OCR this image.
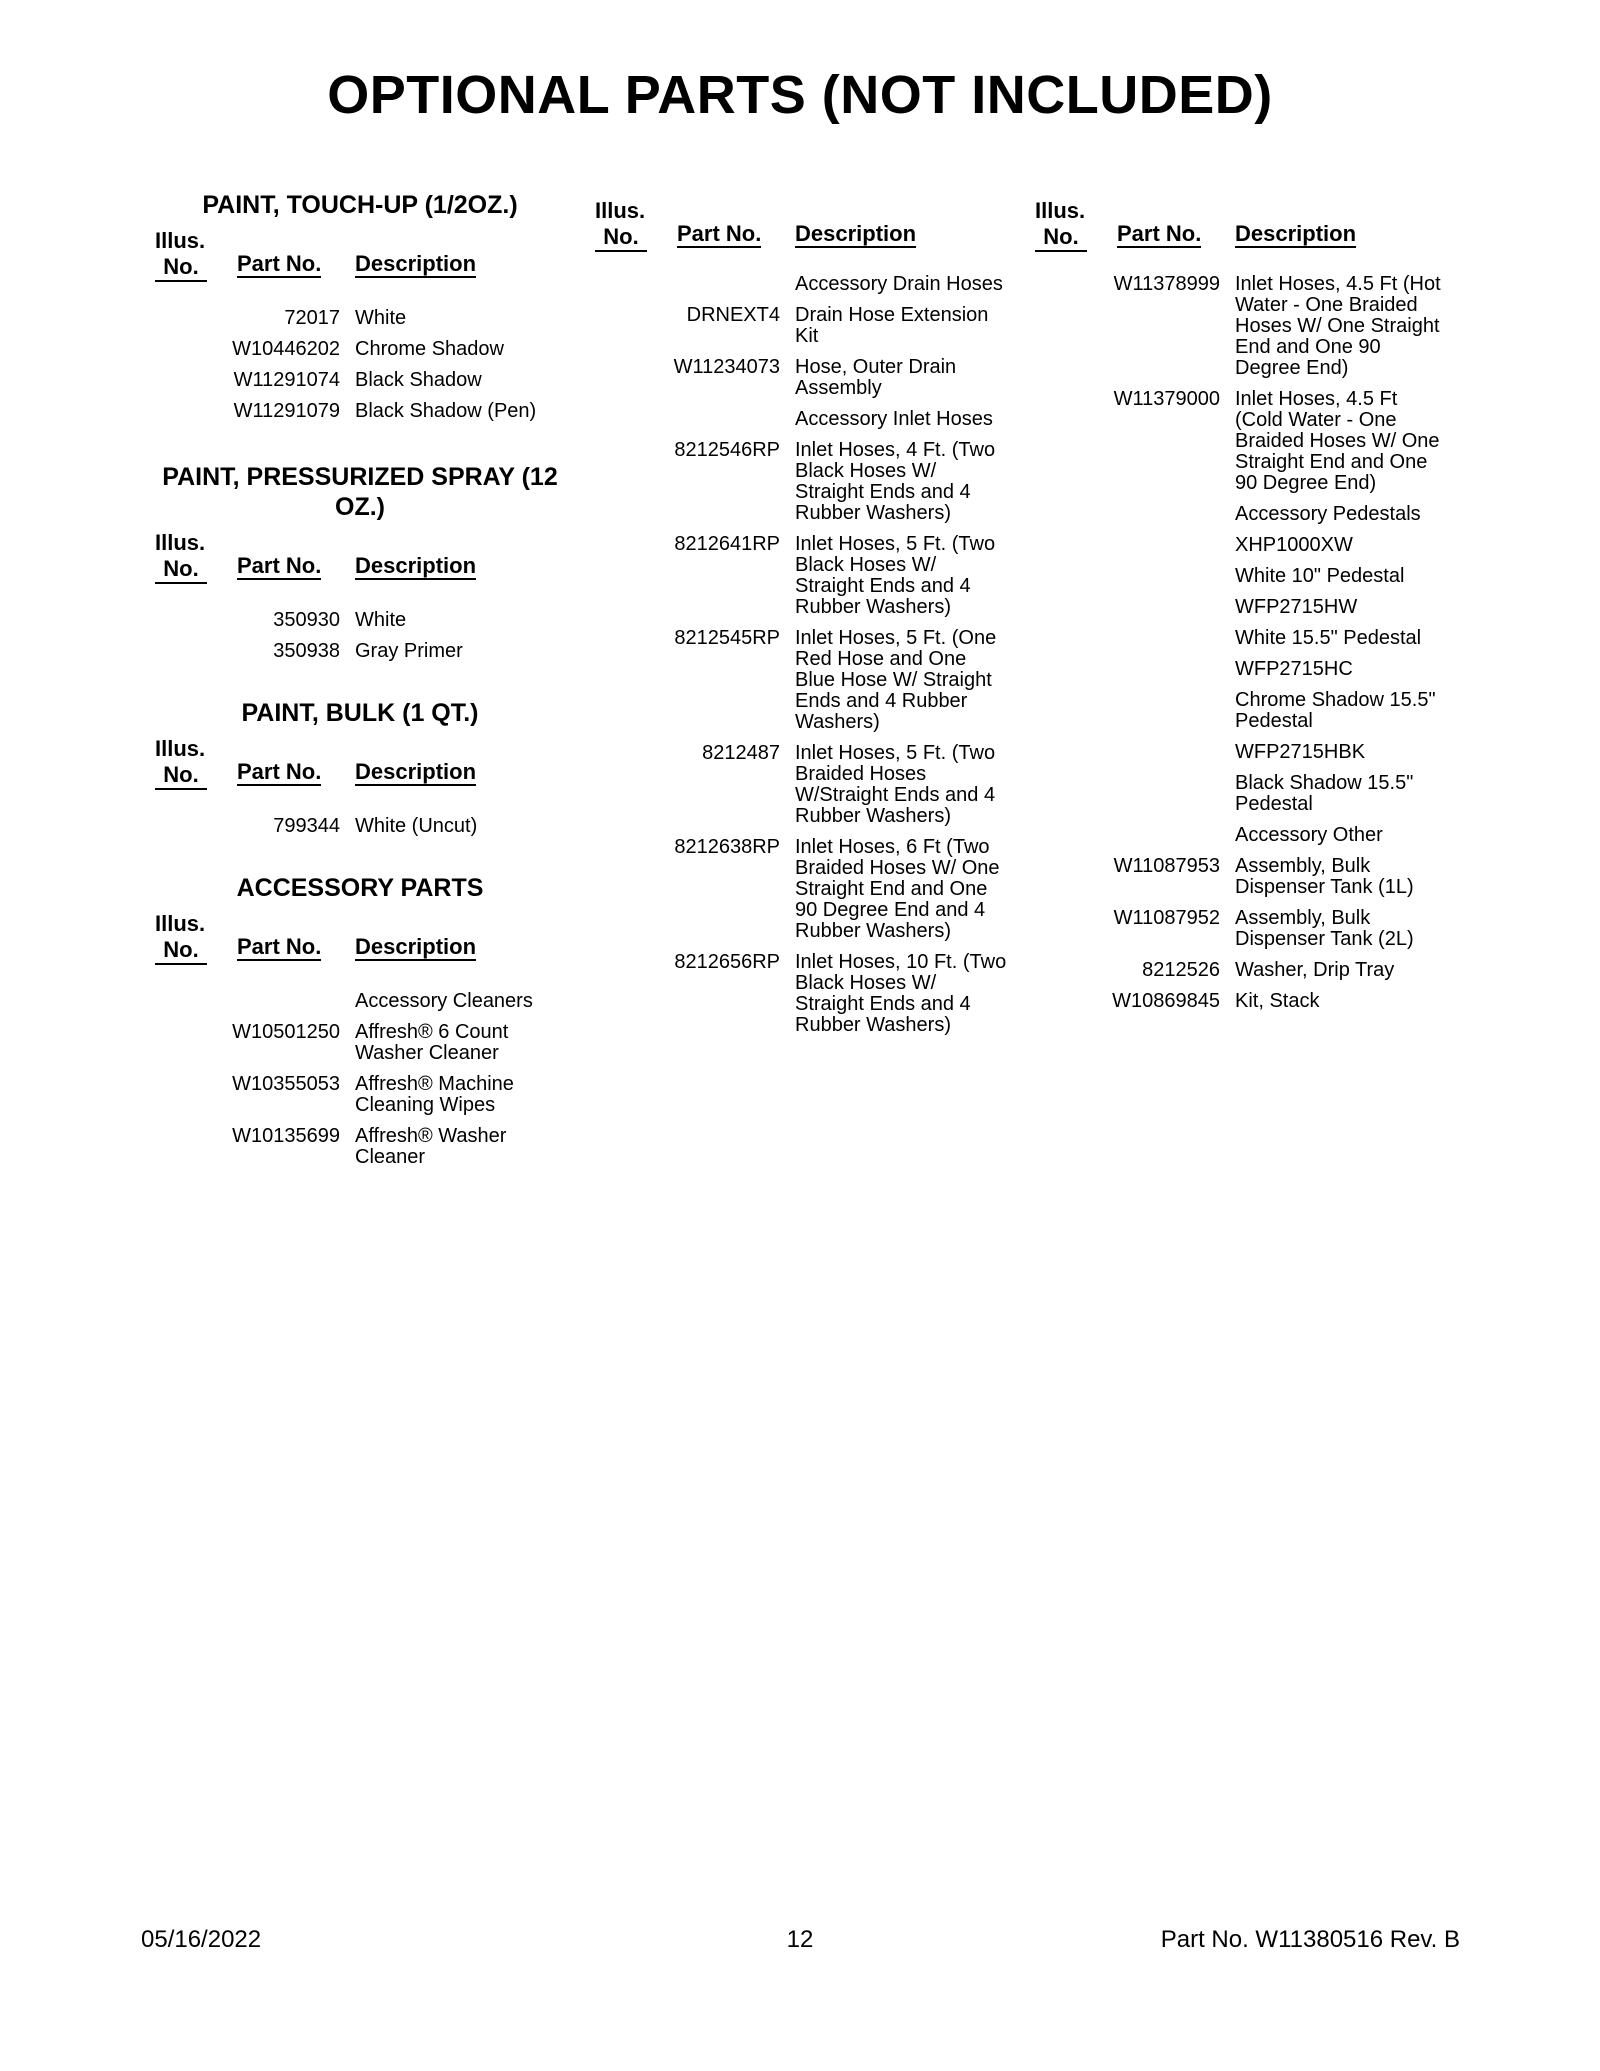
OPTIONAL PARTS (NOT INCLUDED)
PAINT, TOUCH-UP (1/2OZ.)
Illus.
No.	Part No. Description
72017 White
W10446202 Chrome Shadow
W11291074 Black Shadow
W11291079 Black Shadow (Pen)
PAINT, PRESSURIZED SPRAY (12 OZ.)
Illus.
No.	Part No. Description
350930 White
350938 Gray Primer
PAINT, BULK (1 QT.)
Illus.
No.	Part No. Description
799344 White (Uncut)
ACCESSORY PARTS
Illus.
No.	Part No. Description
Accessory Cleaners
W10501250 Affresh® 6 Count Washer Cleaner
W10355053 Affresh® Machine Cleaning Wipes
W10135699 Affresh® Washer Cleaner
Illus.
No.	Part No. Description
Accessory Drain Hoses
DRNEXT4 Drain Hose Extension Kit
W11234073 Hose, Outer Drain Assembly
Accessory Inlet Hoses
8212546RP Inlet Hoses, 4 Ft. (Two Black Hoses W/ Straight Ends and 4 Rubber Washers)
8212641RP Inlet Hoses, 5 Ft. (Two Black Hoses W/ Straight Ends and 4 Rubber Washers)
8212545RP Inlet Hoses, 5 Ft. (One Red Hose and One Blue Hose W/ Straight Ends and 4 Rubber Washers)
8212487 Inlet Hoses, 5 Ft. (Two Braided Hoses W/Straight Ends and 4 Rubber Washers)
8212638RP Inlet Hoses, 6 Ft (Two Braided Hoses W/ One Straight End and One 90 Degree End and 4 Rubber Washers)
8212656RP Inlet Hoses, 10 Ft. (Two Black Hoses W/ Straight Ends and 4 Rubber Washers)
Illus.
No.	Part No. Description
W11378999 Inlet Hoses, 4.5 Ft (Hot Water - One Braided Hoses W/ One Straight End and One 90 Degree End)
W11379000 Inlet Hoses, 4.5 Ft (Cold Water - One Braided Hoses W/ One Straight End and One 90 Degree End)
Accessory Pedestals
XHP1000XW
White 10" Pedestal
WFP2715HW
White 15.5" Pedestal
WFP2715HC
Chrome Shadow 15.5" Pedestal
WFP2715HBK
Black Shadow 15.5" Pedestal
Accessory Other
W11087953 Assembly, Bulk Dispenser Tank (1L)
W11087952 Assembly, Bulk Dispenser Tank (2L)
8212526 Washer, Drip Tray
W10869845 Kit, Stack
05/16/2022	12	Part No. W11380516 Rev. B
